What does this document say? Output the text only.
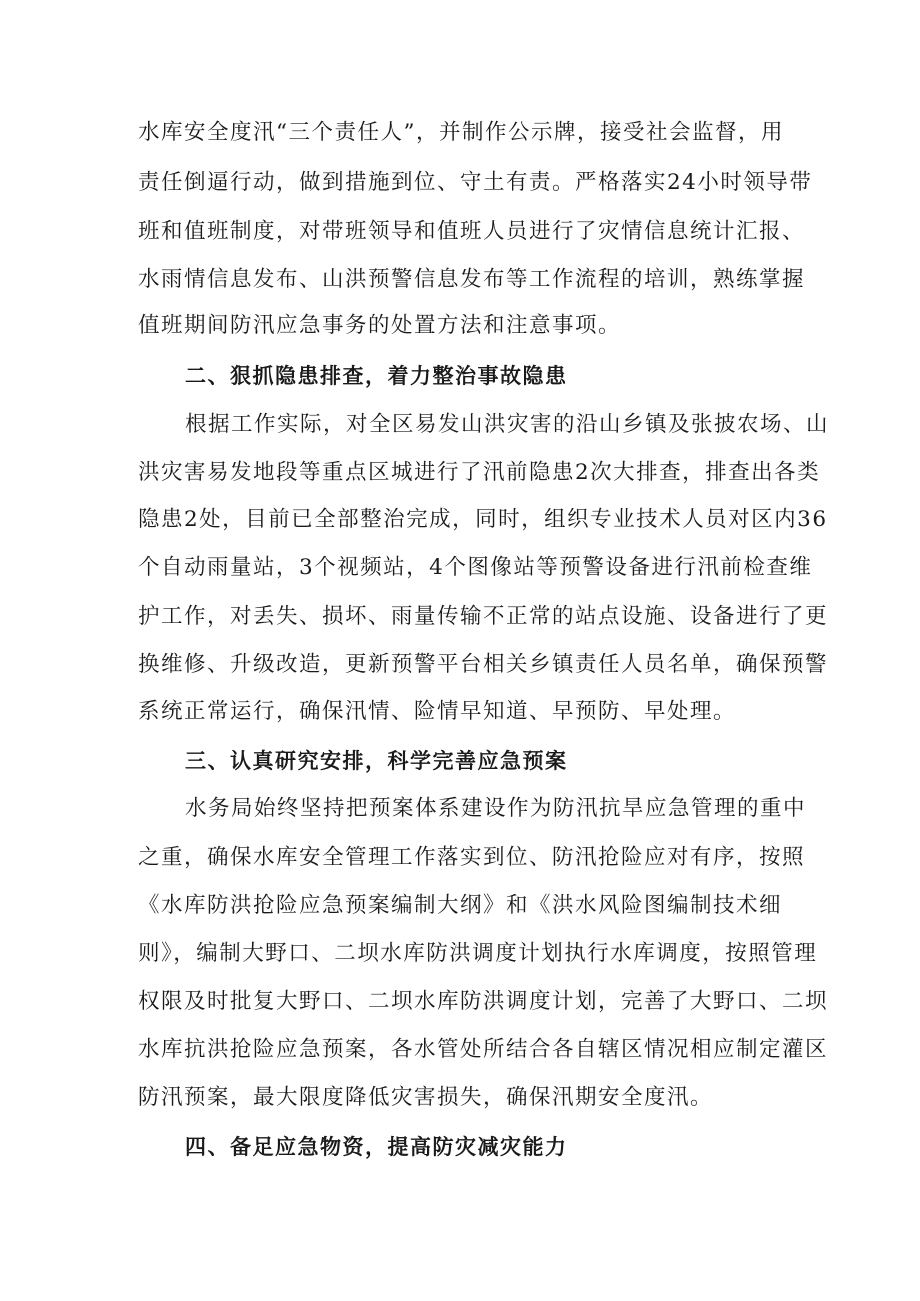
水库安全度汛“三个责任人”，并制作公示牌，接受社会监督，用
责任倒逼行动，做到措施到位、守土有责。严格落实24小时领导带
班和值班制度，对带班领导和值班人员进行了灾情信息统计汇报、
水雨情信息发布、山洪预警信息发布等工作流程的培训，熟练掌握
值班期间防汛应急事务的处置方法和注意事项。
二、狠抓隐患排查，着力整治事故隐患
根据工作实际，对全区易发山洪灾害的沿山乡镇及张披农场、山
洪灾害易发地段等重点区城进行了汛前隐患2次大排查，排查出各类
隐患2处，目前已全部整治完成，同时，组织专业技术人员对区内36
个自动雨量站，3个视频站，4个图像站等预警设备进行汛前检查维
护工作，对丢失、损坏、雨量传输不正常的站点设施、设备进行了更
换维修、升级改造，更新预警平台相关乡镇责任人员名单，确保预警
系统正常运行，确保汛情、险情早知道、早预防、早处理。
三、认真研究安排，科学完善应急预案
水务局始终坚持把预案体系建设作为防汛抗旱应急管理的重中
之重，确保水库安全管理工作落实到位、防汛抢险应对有序，按照
《水库防洪抢险应急预案编制大纲》和《洪水风险图编制技术细
则》，编制大野口、二坝水库防洪调度计划执行水库调度，按照管理
权限及时批复大野口、二坝水库防洪调度计划，完善了大野口、二坝
水库抗洪抢险应急预案，各水管处所结合各自辖区情况相应制定灌区
防汛预案，最大限度降低灾害损失，确保汛期安全度汛。
四、备足应急物资，提高防灾减灾能力
